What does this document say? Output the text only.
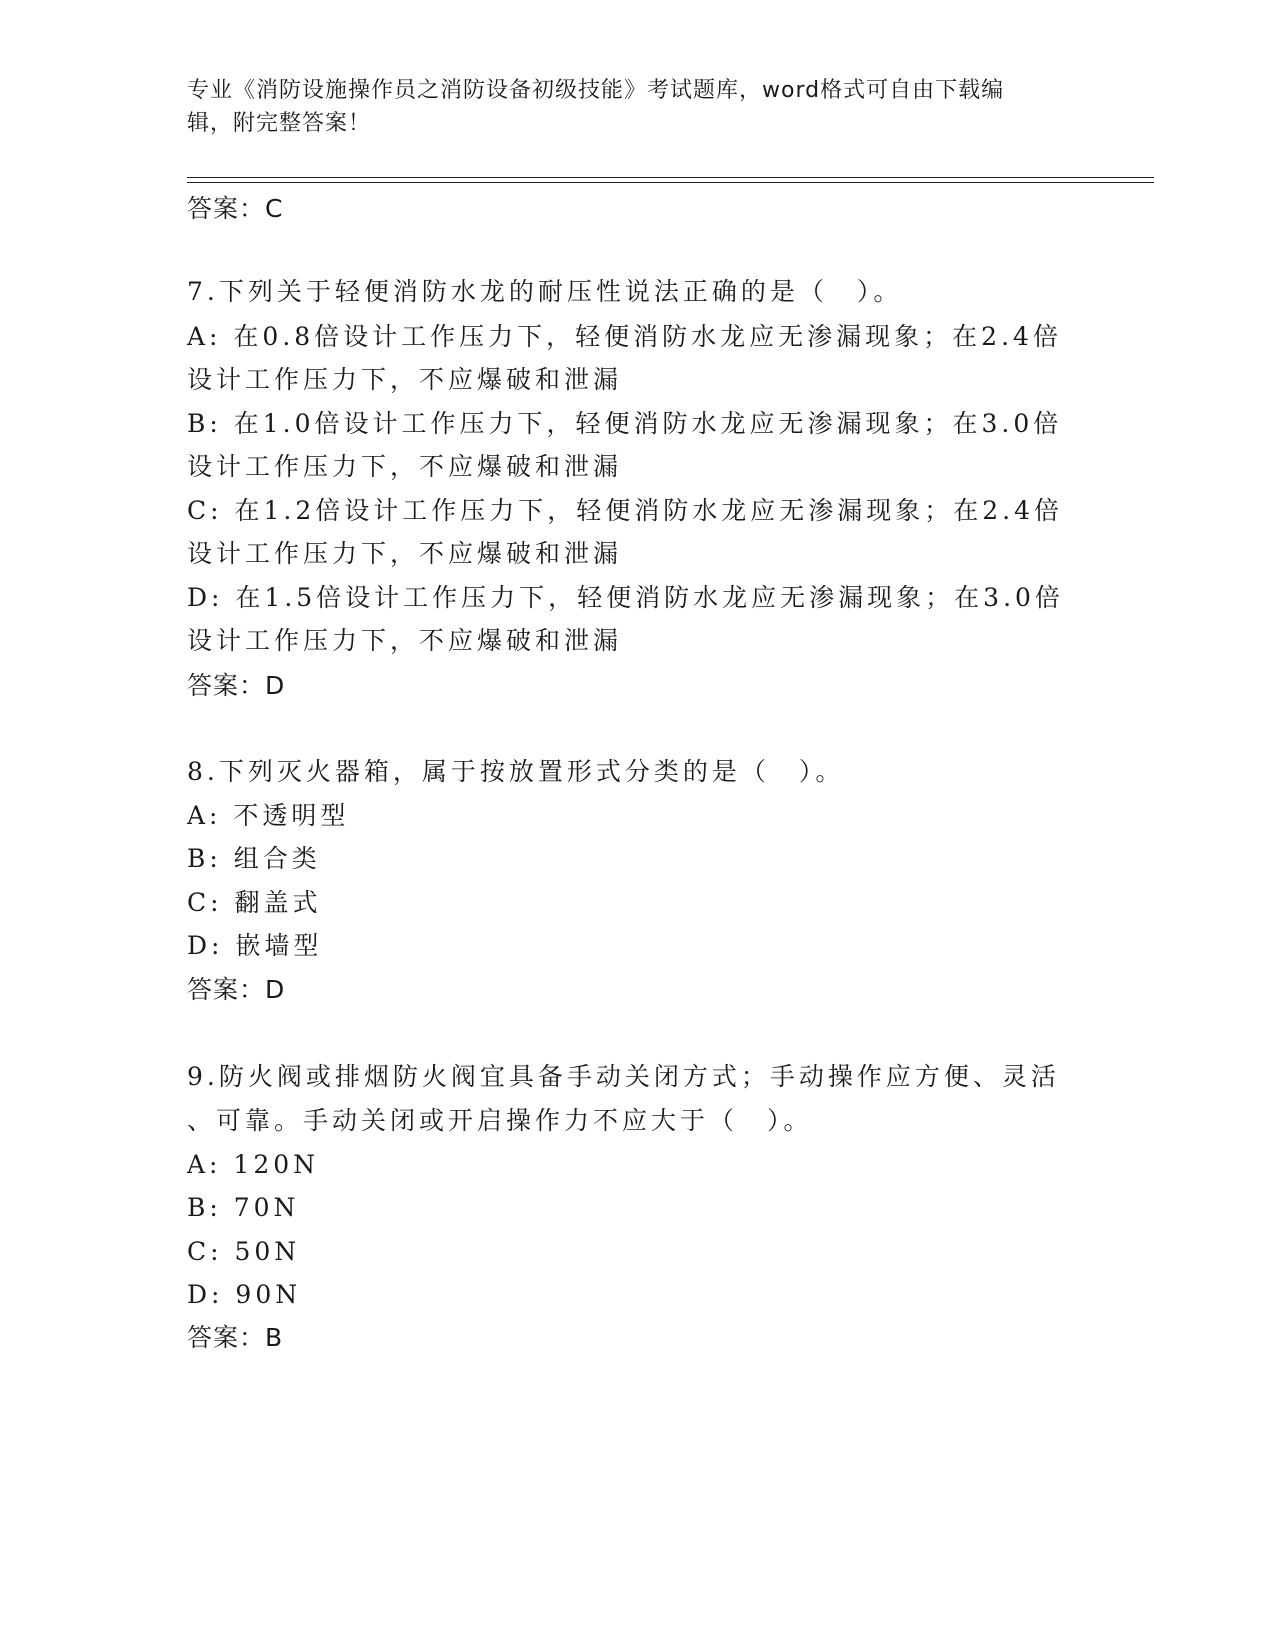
专业《消防设施操作员之消防设备初级技能》考试题库，word格式可自由下载编
辑，附完整答案！
答案：C
7.下列关于轻便消防水龙的耐压性说法正确的是（　）。
A: 在0.8倍设计工作压力下，轻便消防水龙应无渗漏现象；在2.4倍
设计工作压力下，不应爆破和泄漏
B: 在1.0倍设计工作压力下，轻便消防水龙应无渗漏现象；在3.0倍
设计工作压力下，不应爆破和泄漏
C: 在1.2倍设计工作压力下，轻便消防水龙应无渗漏现象；在2.4倍
设计工作压力下，不应爆破和泄漏
D: 在1.5倍设计工作压力下，轻便消防水龙应无渗漏现象；在3.0倍
设计工作压力下，不应爆破和泄漏
答案：D
8.下列灭火器箱，属于按放置形式分类的是（　）。
A: 不透明型
B: 组合类
C: 翻盖式
D: 嵌墙型
答案：D
9.防火阀或排烟防火阀宜具备手动关闭方式；手动操作应方便、灵活
、可靠。手动关闭或开启操作力不应大于（　）。
A: 120N
B: 70N
C: 50N
D: 90N
答案：B
